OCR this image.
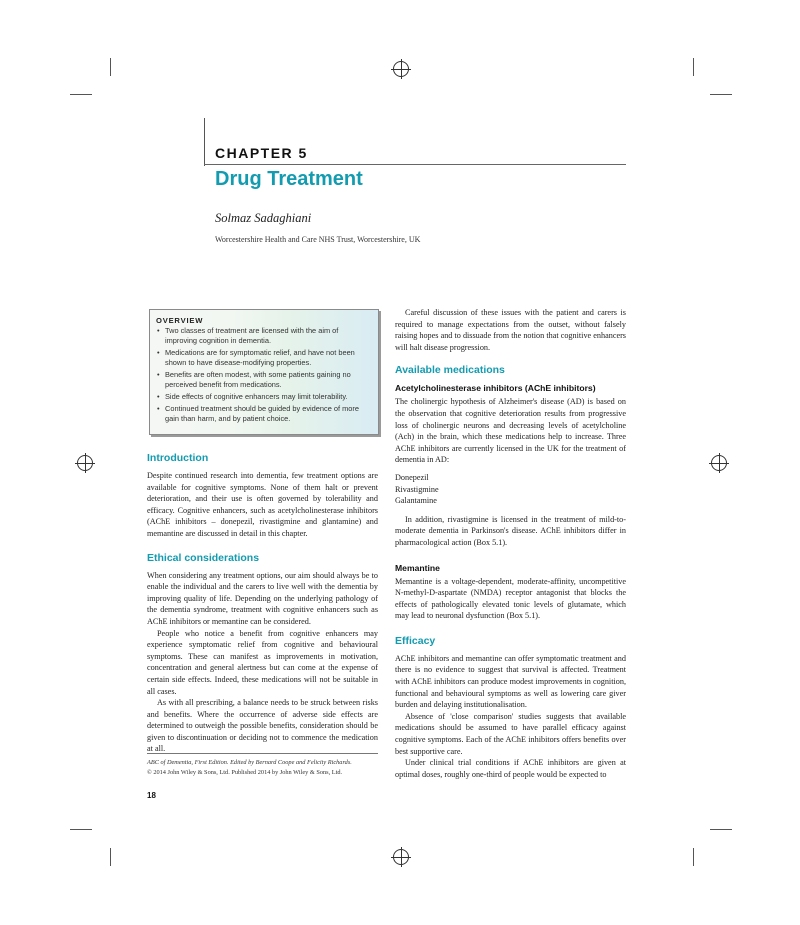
CHAPTER 5
Drug Treatment
Solmaz Sadaghiani
Worcestershire Health and Care NHS Trust, Worcestershire, UK
OVERVIEW
• Two classes of treatment are licensed with the aim of improving cognition in dementia.
• Medications are for symptomatic relief, and have not been shown to have disease-modifying properties.
• Benefits are often modest, with some patients gaining no perceived benefit from medications.
• Side effects of cognitive enhancers may limit tolerability.
• Continued treatment should be guided by evidence of more gain than harm, and by patient choice.
Introduction

Despite continued research into dementia, few treatment options are available for cognitive symptoms. None of them halt or prevent deterioration, and their use is often governed by tolerability and efficacy. Cognitive enhancers, such as acetylcholinesterase inhibitors (AChE inhibitors – donepezil, rivastigmine and glantamine) and memantine are discussed in detail in this chapter.

Ethical considerations

When considering any treatment options, our aim should always be to enable the individual and the carers to live well with the dementia by improving quality of life. Depending on the underlying pathology of the dementia syndrome, treatment with cognitive enhancers such as AChE inhibitors or memantine can be considered.

People who notice a benefit from cognitive enhancers may experience symptomatic relief from cognitive and behavioural symptoms. These can manifest as improvements in motivation, concentration and general alertness but can come at the expense of certain side effects. Indeed, these medications will not be suitable in all cases.

As with all prescribing, a balance needs to be struck between risks and benefits. Where the occurrence of adverse side effects are determined to outweigh the possible benefits, consideration should be given to discontinuation or deciding not to commence the medication at all.

Careful discussion of these issues with the patient and carers is required to manage expectations from the outset, without falsely raising hopes and to dissuade from the notion that cognitive enhancers will halt disease progression.

Available medications
Acetylcholinesterase inhibitors (AChE inhibitors)

The cholinergic hypothesis of Alzheimer's disease (AD) is based on the observation that cognitive deterioration results from progressive loss of cholinergic neurons and decreasing levels of acetylcholine (Ach) in the brain, which these medications help to increase. Three AChE inhibitors are currently licensed in the UK for the treatment of dementia in AD:

Donepezil
Rivastigmine
Galantamine

In addition, rivastigmine is licensed in the treatment of mild-to-moderate dementia in Parkinson's disease. AChE inhibitors differ in pharmacological action (Box 5.1).

Memantine

Memantine is a voltage-dependent, moderate-affinity, uncompetitive N-methyl-D-aspartate (NMDA) receptor antagonist that blocks the effects of pathologically elevated tonic levels of glutamate, which may lead to neuronal dysfunction (Box 5.1).

Efficacy

AChE inhibitors and memantine can offer symptomatic treatment and there is no evidence to suggest that survival is affected. Treatment with AChE inhibitors can produce modest improvements in cognition, functional and behavioural symptoms as well as lowering care giver burden and delaying institutionalisation.

Absence of 'close comparison' studies suggests that available medications should be assumed to have parallel efficacy against cognitive symptoms. Each of the AChE inhibitors offers benefits over best supportive care.

Under clinical trial conditions if AChE inhibitors are given at optimal doses, roughly one-third of people would be expected to

ABC of Dementia, First Edition. Edited by Bernard Coope and Felicity Richards.
© 2014 John Wiley & Sons, Ltd. Published 2014 by John Wiley & Sons, Ltd.
18
